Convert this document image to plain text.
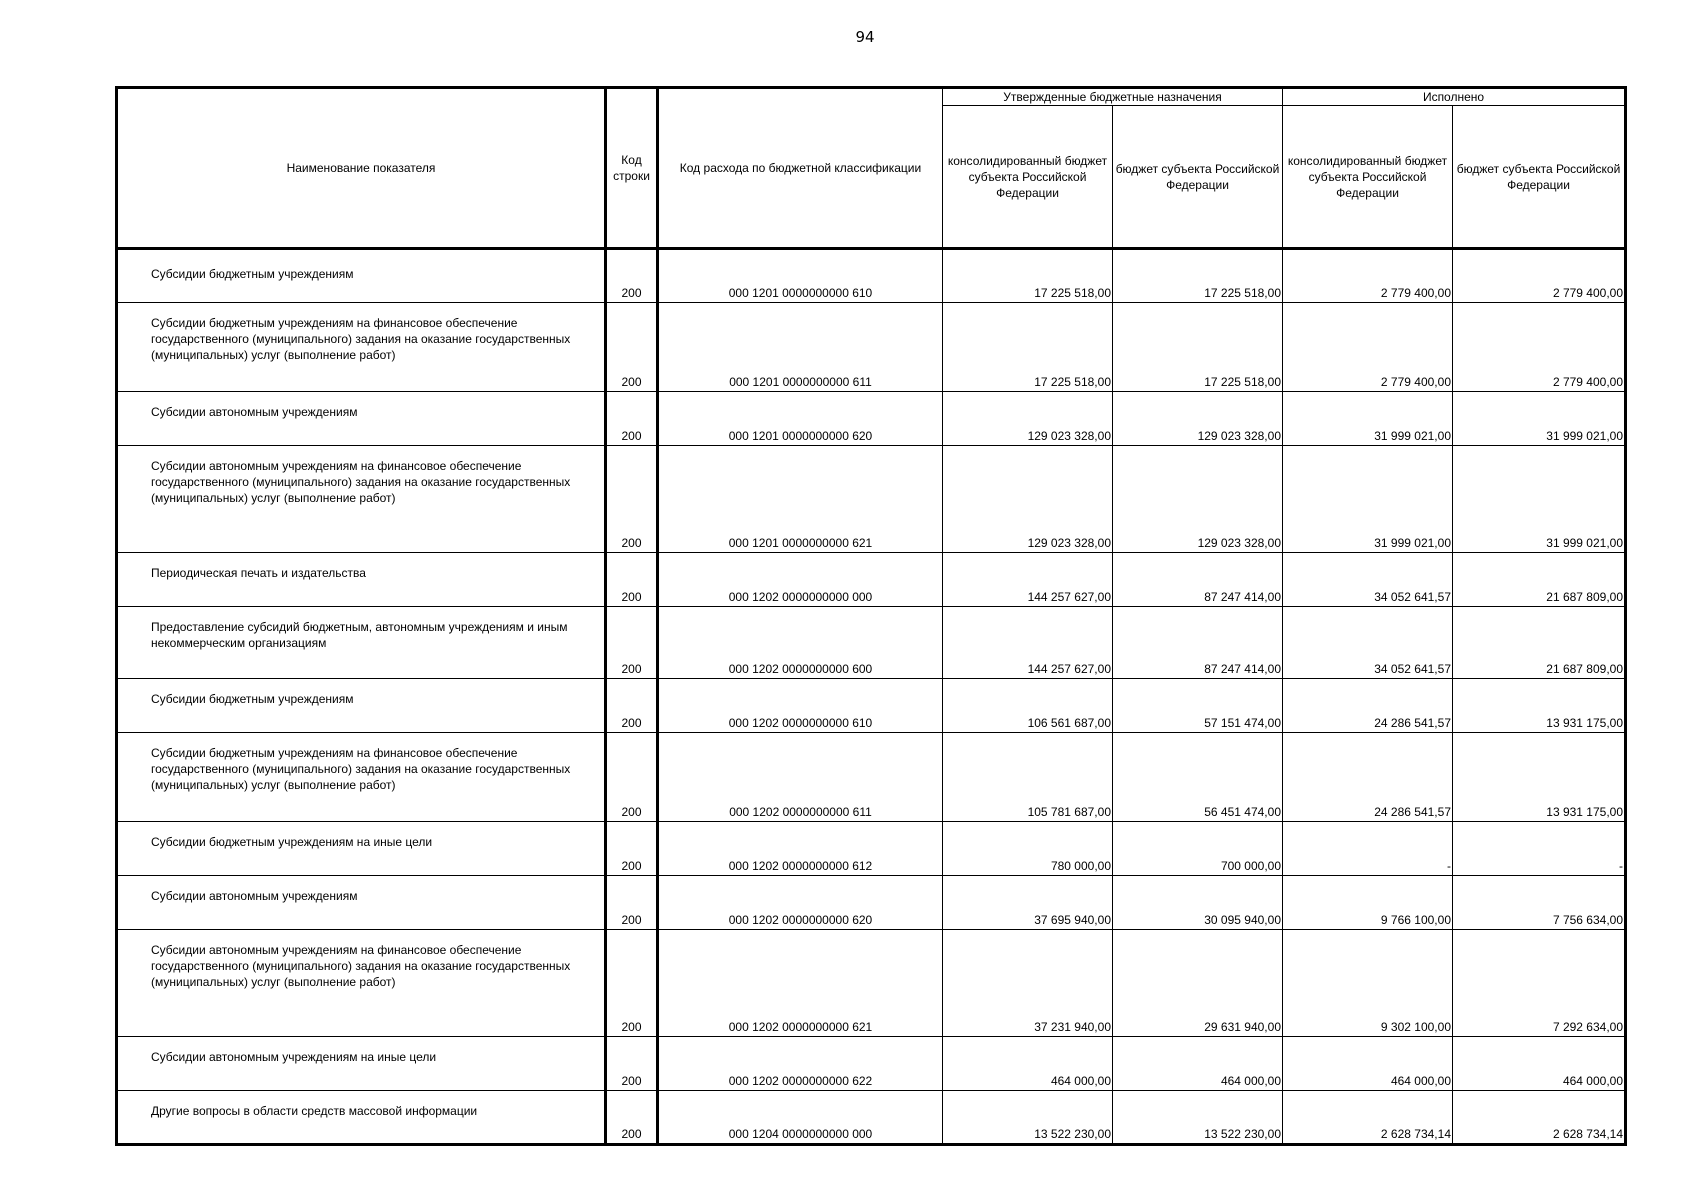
94
Наименование показателя	Код строки	Код расхода по бюджетной классификации	Утвержденные бюджетные назначения		Исполнено	
			консолидированный бюджет субъекта Российской Федерации	бюджет субъекта Российской Федерации	консолидированный бюджет субъекта Российской Федерации	бюджет субъекта Российской Федерации
Субсидии бюджетным учреждениям	200	000 1201 0000000000 610	17 225 518,00	17 225 518,00	2 779 400,00	2 779 400,00
Субсидии бюджетным учреждениям на финансовое обеспечение государственного (муниципального) задания на оказание государственных (муниципальных) услуг (выполнение работ)	200	000 1201 0000000000 611	17 225 518,00	17 225 518,00	2 779 400,00	2 779 400,00
Субсидии автономным учреждениям	200	000 1201 0000000000 620	129 023 328,00	129 023 328,00	31 999 021,00	31 999 021,00
Субсидии автономным учреждениям на финансовое обеспечение государственного (муниципального) задания на оказание государственных (муниципальных) услуг (выполнение работ)	200	000 1201 0000000000 621	129 023 328,00	129 023 328,00	31 999 021,00	31 999 021,00
Периодическая печать и издательства	200	000 1202 0000000000 000	144 257 627,00	87 247 414,00	34 052 641,57	21 687 809,00
Предоставление субсидий бюджетным, автономным учреждениям и иным некоммерческим организациям	200	000 1202 0000000000 600	144 257 627,00	87 247 414,00	34 052 641,57	21 687 809,00
Субсидии бюджетным учреждениям	200	000 1202 0000000000 610	106 561 687,00	57 151 474,00	24 286 541,57	13 931 175,00
Субсидии бюджетным учреждениям на финансовое обеспечение государственного (муниципального) задания на оказание государственных (муниципальных) услуг (выполнение работ)	200	000 1202 0000000000 611	105 781 687,00	56 451 474,00	24 286 541,57	13 931 175,00
Субсидии бюджетным учреждениям на иные цели	200	000 1202 0000000000 612	780 000,00	700 000,00	-	-
Субсидии автономным учреждениям	200	000 1202 0000000000 620	37 695 940,00	30 095 940,00	9 766 100,00	7 756 634,00
Субсидии автономным учреждениям на финансовое обеспечение государственного (муниципального) задания на оказание государственных (муниципальных) услуг (выполнение работ)	200	000 1202 0000000000 621	37 231 940,00	29 631 940,00	9 302 100,00	7 292 634,00
Субсидии автономным учреждениям на иные цели	200	000 1202 0000000000 622	464 000,00	464 000,00	464 000,00	464 000,00
Другие вопросы в области средств массовой информации	200	000 1204 0000000000 000	13 522 230,00	13 522 230,00	2 628 734,14	2 628 734,14
